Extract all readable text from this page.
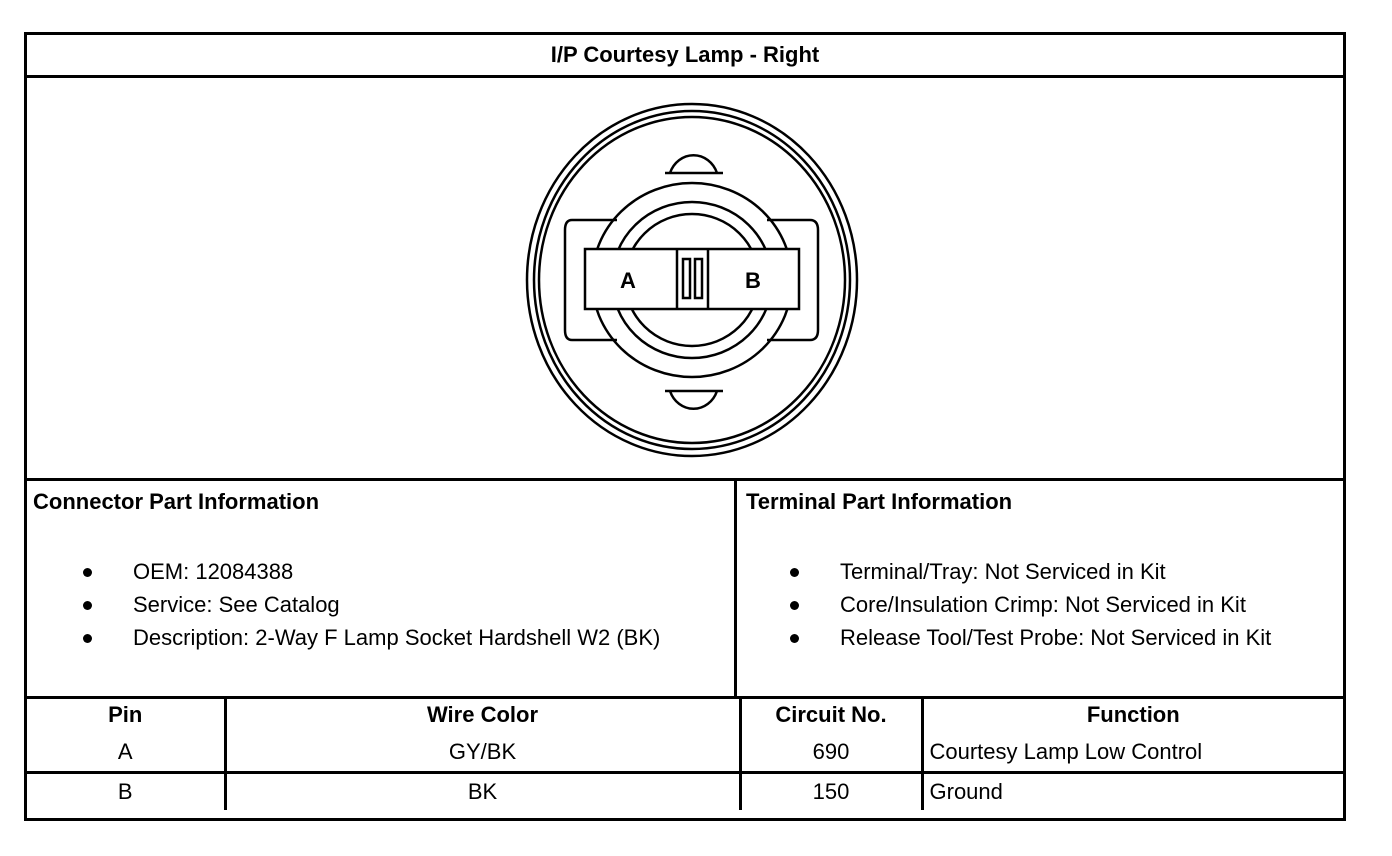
I/P Courtesy Lamp - Right
A	B
Connector Part Information
OEM: 12084388
Service: See Catalog
Description: 2-Way F Lamp Socket Hardshell W2 (BK)
Terminal Part Information
Terminal/Tray: Not Serviced in Kit
Core/Insulation Crimp: Not Serviced in Kit
Release Tool/Test Probe: Not Serviced in Kit
Pin	Wire Color	Circuit No.	Function
A	GY/BK	690	Courtesy Lamp Low Control
B	BK	150	Ground
